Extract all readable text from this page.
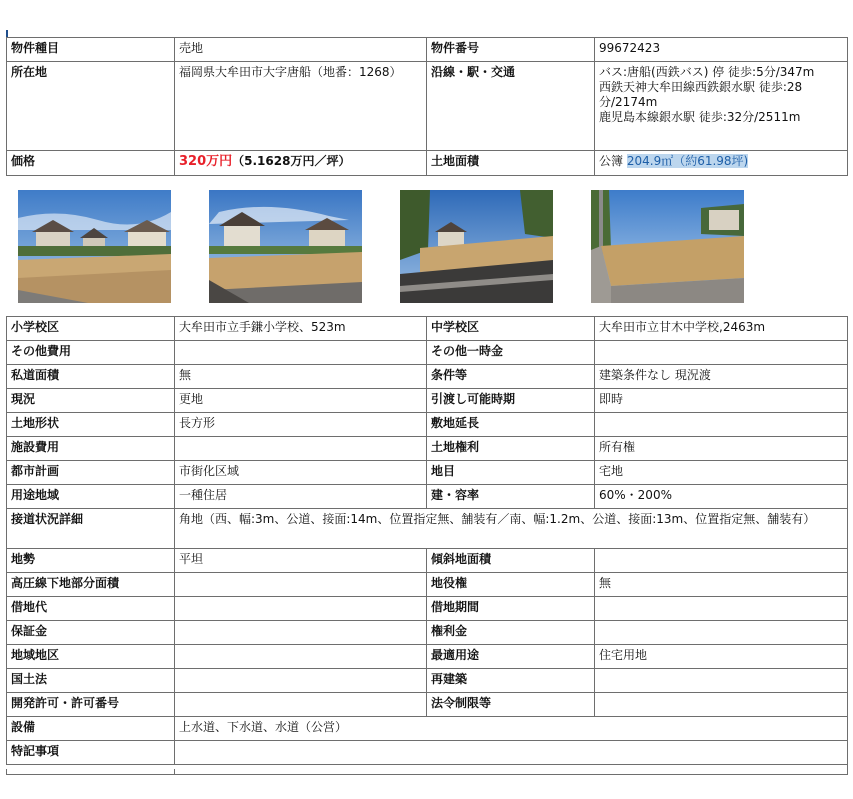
物件種目	売地	物件番号	99672423
所在地	福岡県大牟田市大字唐船（地番：1268）	沿線・駅・交通	バス:唐船(西鉄バス) 停 徒歩:5分/347m
西鉄天神大牟田線西鉄銀水駅 徒歩:28分/2174m
鹿児島本線銀水駅 徒歩:32分/2511m

価格	320万円（5.1628万円／坪）	土地面積	公簿 204.9㎡（約61.98坪)
小学校区	大牟田市立手鎌小学校、523m	中学校区	大牟田市立甘木中学校,2463m
その他費用		その他一時金	
私道面積	無	条件等	建築条件なし 現況渡
現況	更地	引渡し可能時期	即時
土地形状	長方形	敷地延長	
施設費用		土地権利	所有権
都市計画	市街化区域	地目	宅地
用途地域	一種住居	建・容率	60%・200%
接道状況詳細	角地（西、幅:3m、公道、接面:14m、位置指定無、舗装有／南、幅:1.2m、公道、接面:13m、位置指定無、舗装有）		
地勢	平坦	傾斜地面積	
高圧線下地部分面積		地役権	無
借地代		借地期間	
保証金		権利金	
地域地区		最適用途	住宅用地
国土法		再建築	
開発許可・許可番号		法令制限等	
設備	上水道、下水道、水道（公営）		
特記事項			
